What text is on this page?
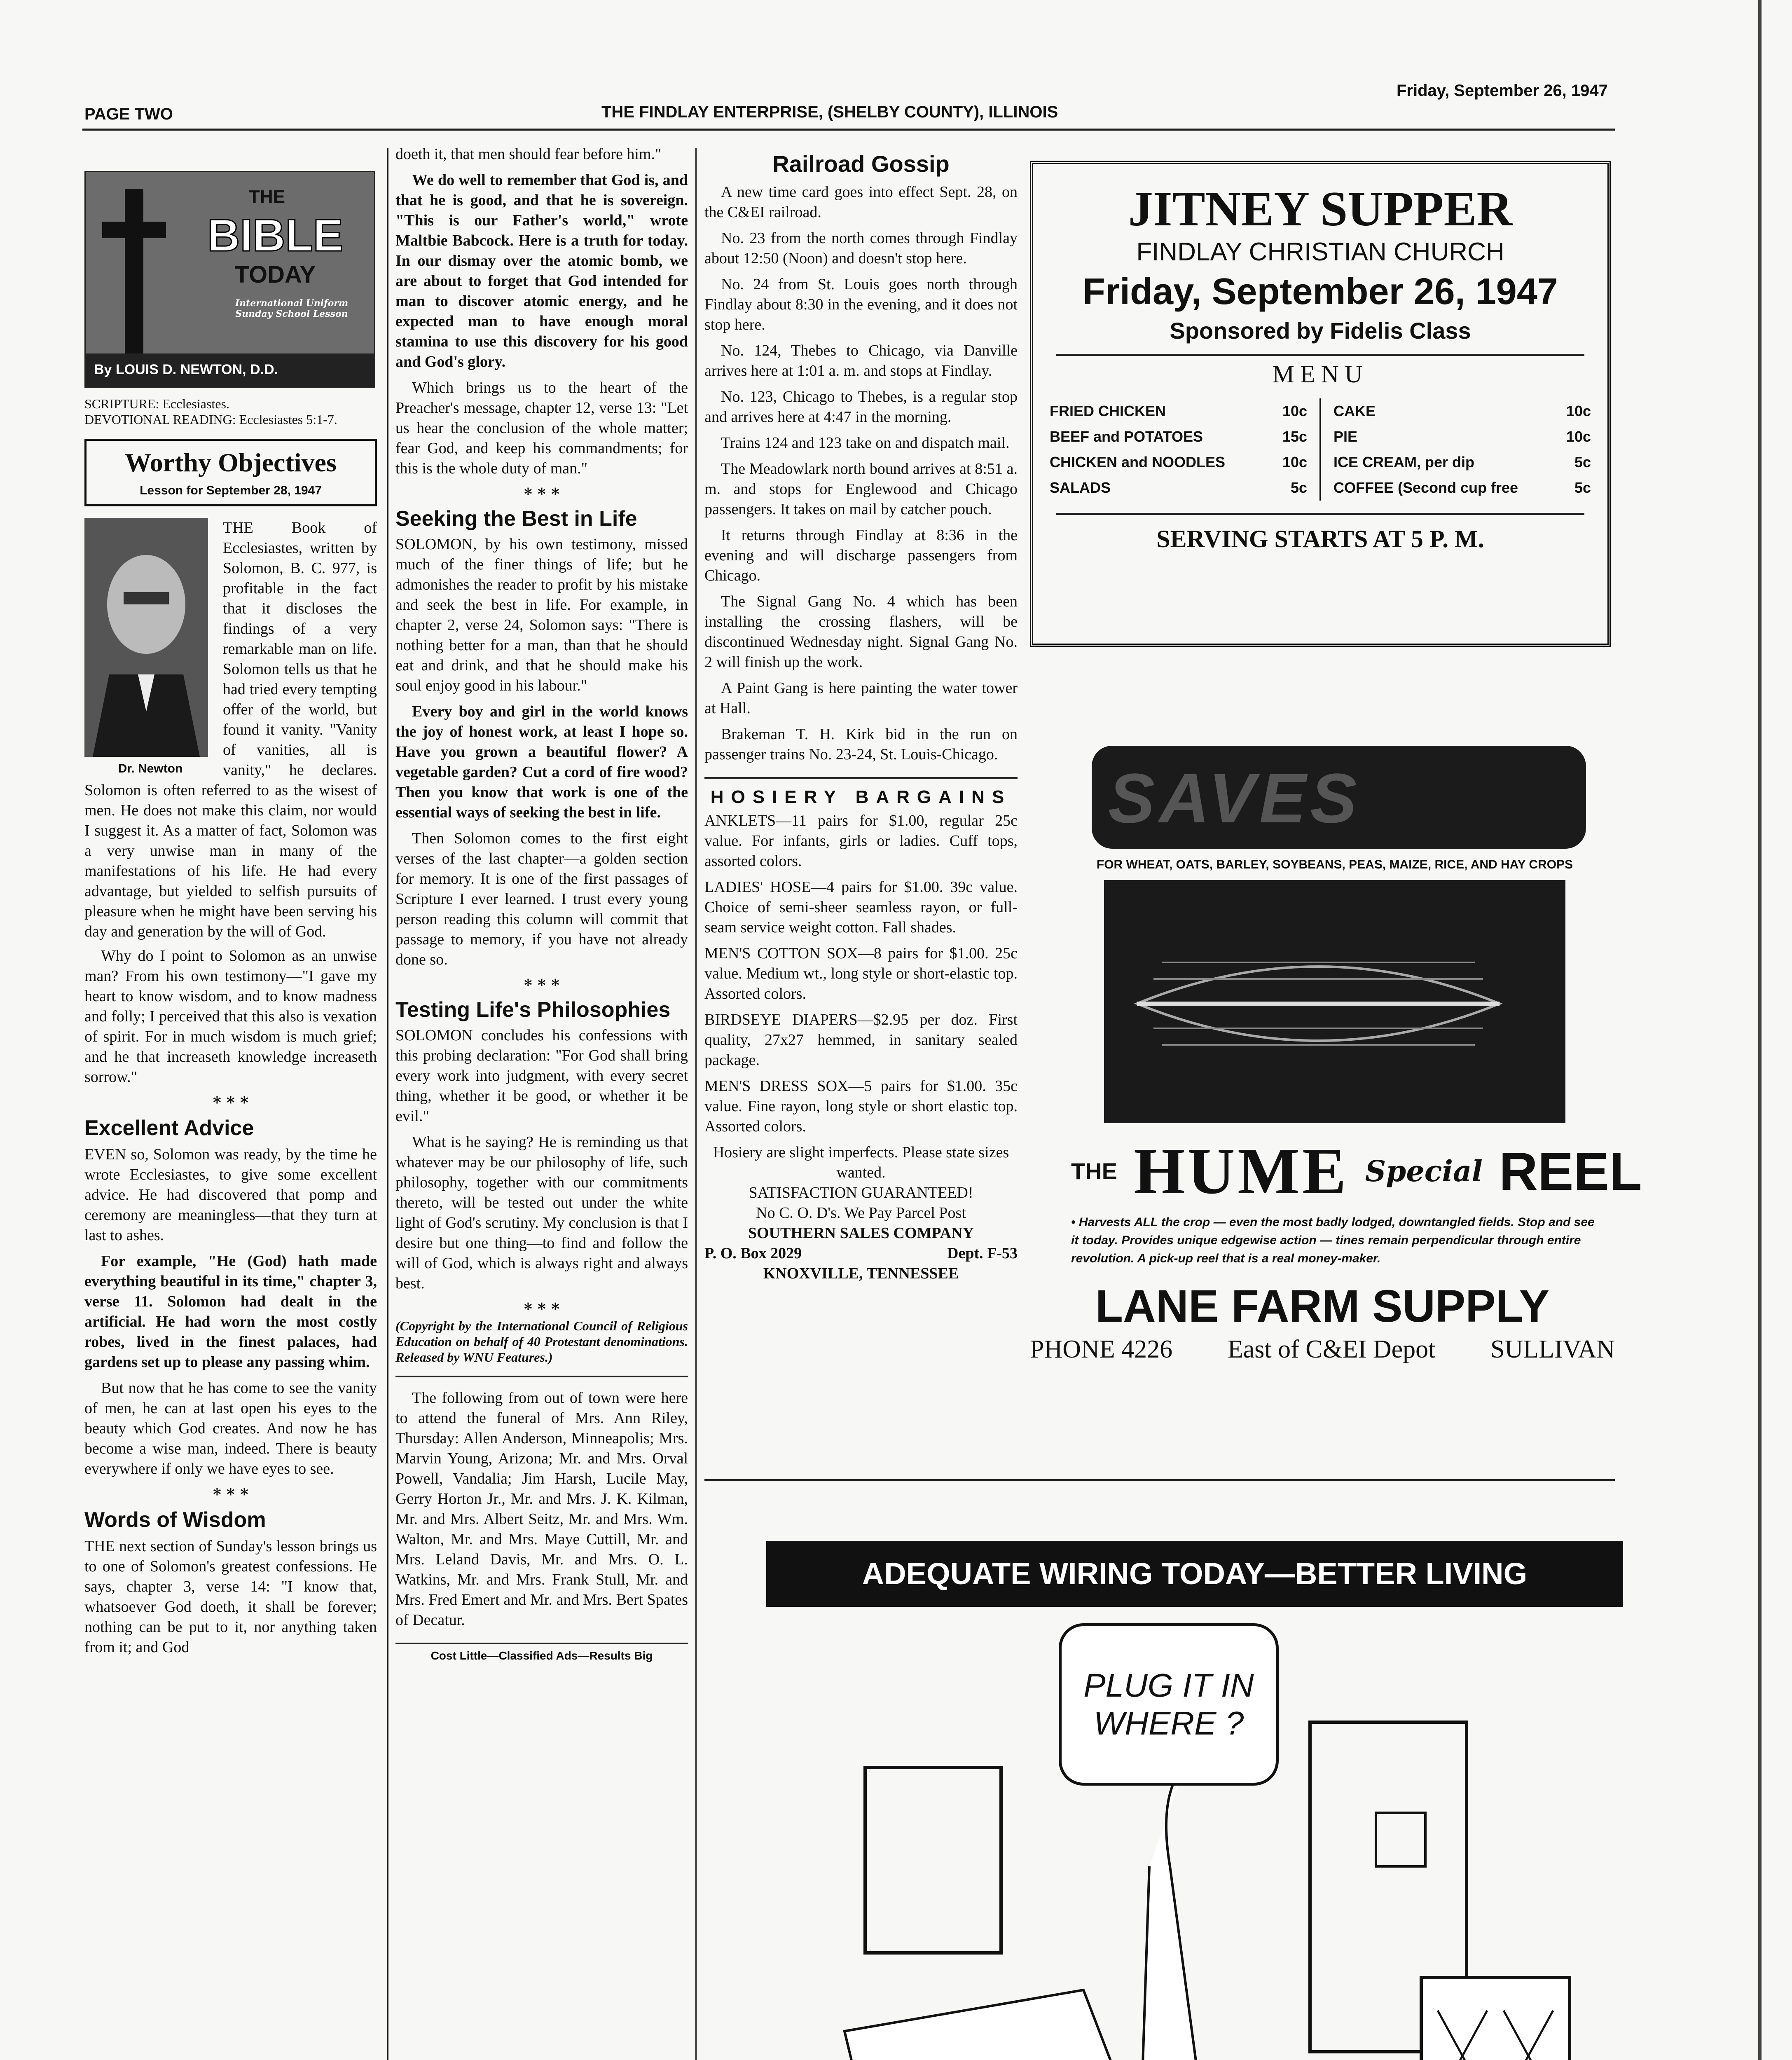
PAGE TWO	THE FINDLAY ENTERPRISE, (SHELBY COUNTY), ILLINOIS
Friday, September 26, 1947
THE
BIBLE
TODAY
International Uniform Sunday School Lesson
By LOUIS D. NEWTON, D.D.
SCRIPTURE: Ecclesiastes.
DEVOTIONAL READING: Ecclesiastes 5:1-7.
Worthy Objectives
Lesson for September 28, 1947
Dr. Newton
THE Book of Ecclesiastes, written by Solomon, B. C. 977, is profitable in the fact that it discloses the findings of a very remarkable man on life. Solomon tells us that he had tried every tempting offer of the world, but found it vanity. "Vanity of vanities, all is vanity," he declares. Solomon is often referred to as the wisest of men. He does not make this claim, nor would I suggest it. As a matter of fact, Solomon was a very unwise man in many of the manifestations of his life. He had every advantage, but yielded to selfish pursuits of pleasure when he might have been serving his day and generation by the will of God.

Why do I point to Solomon as an unwise man? From his own testimony—"I gave my heart to know wisdom, and to know madness and folly; I perceived that this also is vexation of spirit. For in much wisdom is much grief; and he that increaseth knowledge increaseth sorrow."

* * *
Excellent Advice

EVEN so, Solomon was ready, by the time he wrote Ecclesiastes, to give some excellent advice. He had discovered that pomp and ceremony are meaningless—that they turn at last to ashes.

For example, "He (God) hath made everything beautiful in its time," chapter 3, verse 11. Solomon had dealt in the artificial. He had worn the most costly robes, lived in the finest palaces, had gardens set up to please any passing whim.

But now that he has come to see the vanity of men, he can at last open his eyes to the beauty which God creates. And now he has become a wise man, indeed. There is beauty everywhere if only we have eyes to see.

* * *
Words of Wisdom

THE next section of Sunday's lesson brings us to one of Solomon's greatest confessions. He says, chapter 3, verse 14: "I know that, whatsoever God doeth, it shall be forever; nothing can be put to it, nor anything taken from it; and God

doeth it, that men should fear before him."

We do well to remember that God is, and that he is good, and that he is sovereign. "This is our Father's world," wrote Maltbie Babcock. Here is a truth for today. In our dismay over the atomic bomb, we are about to forget that God intended for man to discover atomic energy, and he expected man to have enough moral stamina to use this discovery for his good and God's glory.

Which brings us to the heart of the Preacher's message, chapter 12, verse 13: "Let us hear the conclusion of the whole matter; fear God, and keep his commandments; for this is the whole duty of man."

* * *
Seeking the Best in Life

SOLOMON, by his own testimony, missed much of the finer things of life; but he admonishes the reader to profit by his mistake and seek the best in life. For example, in chapter 2, verse 24, Solomon says: "There is nothing better for a man, than that he should eat and drink, and that he should make his soul enjoy good in his labour."

Every boy and girl in the world knows the joy of honest work, at least I hope so. Have you grown a beautiful flower? A vegetable garden? Cut a cord of fire wood? Then you know that work is one of the essential ways of seeking the best in life.

Then Solomon comes to the first eight verses of the last chapter—a golden section for memory. It is one of the first passages of Scripture I ever learned. I trust every young person reading this column will commit that passage to memory, if you have not already done so.

* * *
Testing Life's Philosophies

SOLOMON concludes his confessions with this probing declaration: "For God shall bring every work into judgment, with every secret thing, whether it be good, or whether it be evil."

What is he saying? He is reminding us that whatever may be our philosophy of life, such philosophy, together with our commitments thereto, will be tested out under the white light of God's scrutiny. My conclusion is that I desire but one thing—to find and follow the will of God, which is always right and always best.

* * *

(Copyright by the International Council of Religious Education on behalf of 40 Protestant denominations. Released by WNU Features.)

The following from out of town were here to attend the funeral of Mrs. Ann Riley, Thursday: Allen Anderson, Minneapolis; Mrs. Marvin Young, Arizona; Mr. and Mrs. Orval Powell, Vandalia; Jim Harsh, Lucile May, Gerry Horton Jr., Mr. and Mrs. J. K. Kilman, Mr. and Mrs. Albert Seitz, Mr. and Mrs. Wm. Walton, Mr. and Mrs. Maye Cuttill, Mr. and Mrs. Leland Davis, Mr. and Mrs. O. L. Watkins, Mr. and Mrs. Frank Stull, Mr. and Mrs. Fred Emert and Mr. and Mrs. Bert Spates of Decatur.

Cost Little—Classified Ads—Results Big
Railroad Gossip

A new time card goes into effect Sept. 28, on the C&EI railroad.

No. 23 from the north comes through Findlay about 12:50 (Noon) and doesn't stop here.

No. 24 from St. Louis goes north through Findlay about 8:30 in the evening, and it does not stop here.

No. 124, Thebes to Chicago, via Danville arrives here at 1:01 a. m. and stops at Findlay.

No. 123, Chicago to Thebes, is a regular stop and arrives here at 4:47 in the morning.

Trains 124 and 123 take on and dispatch mail.

The Meadowlark north bound arrives at 8:51 a. m. and stops for Englewood and Chicago passengers. It takes on mail by catcher pouch.

It returns through Findlay at 8:36 in the evening and will discharge passengers from Chicago.

The Signal Gang No. 4 which has been installing the crossing flashers, will be discontinued Wednesday night. Signal Gang No. 2 will finish up the work.

A Paint Gang is here painting the water tower at Hall.

Brakeman T. H. Kirk bid in the run on passenger trains No. 23-24, St. Louis-Chicago.

HOSIERY BARGAINS

ANKLETS—11 pairs for $1.00, regular 25c value. For infants, girls or ladies. Cuff tops, assorted colors.

LADIES' HOSE—4 pairs for $1.00. 39c value. Choice of semi-sheer seamless rayon, or full-seam service weight cotton. Fall shades.

MEN'S COTTON SOX—8 pairs for $1.00. 25c value. Medium wt., long style or short-elastic top. Assorted colors.

BIRDSEYE DIAPERS—$2.95 per doz. First quality, 27x27 hemmed, in sanitary sealed package.

MEN'S DRESS SOX—5 pairs for $1.00. 35c value. Fine rayon, long style or short elastic top. Assorted colors.

Hosiery are slight imperfects. Please state sizes wanted.

SATISFACTION GUARANTEED!

No C. O. D's. We Pay Parcel Post

SOUTHERN SALES COMPANY

P. O. Box 2029	Dept. F-53

KNOXVILLE, TENNESSEE

JITNEY SUPPER
FINDLAY CHRISTIAN CHURCH
Friday, September 26, 1947
Sponsored by Fidelis Class
MENU
FRIED CHICKEN	10c
BEEF and POTATOES	15c
CHICKEN and NOODLES	10c
SALADS	5c
CAKE	10c
PIE	10c
ICE CREAM, per dip	5c
COFFEE (Second cup free	5c
SERVING STARTS AT 5 P. M.
SAVES
FOR WHEAT, OATS, BARLEY, SOYBEANS, PEAS, MAIZE, RICE, AND HAY CROPS
THE HUME Special REEL
• Harvests ALL the crop — even the most badly lodged, downtangled fields. Stop and see it today. Provides unique edgewise action — tines remain perpendicular through entire revolution. A pick-up reel that is a real money-maker.
LANE FARM SUPPLY
PHONE 4226 East of C&EI Depot SULLIVAN
ADEQUATE WIRING TODAY—BETTER LIVING
PLUG IT IN WHERE ?
